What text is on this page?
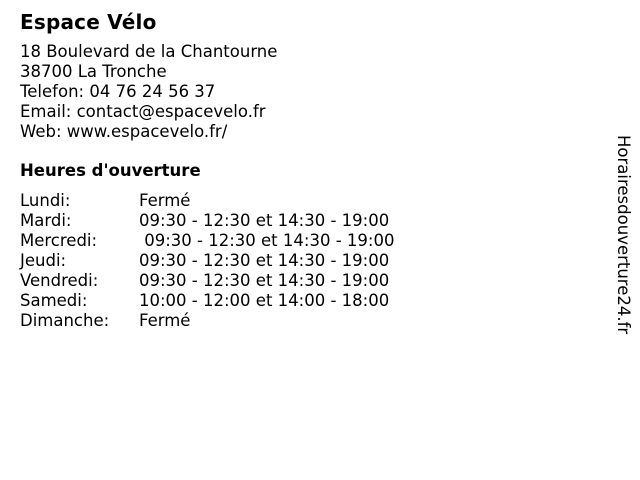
Espace Vélo
18 Boulevard de la Chantourne
38700 La Tronche
Telefon: 04 76 24 56 37
Email: contact@espacevelo.fr
Web: www.espacevelo.fr/
Heures d'ouverture
Lundi:	Fermé
Mardi:	09:30 - 12:30 et 14:30 - 19:00
Mercredi:	09:30 - 12:30 et 14:30 - 19:00
Jeudi:	09:30 - 12:30 et 14:30 - 19:00
Vendredi:	09:30 - 12:30 et 14:30 - 19:00
Samedi:	10:00 - 12:00 et 14:00 - 18:00
Dimanche:	Fermé	Horairesdouverture24.fr
